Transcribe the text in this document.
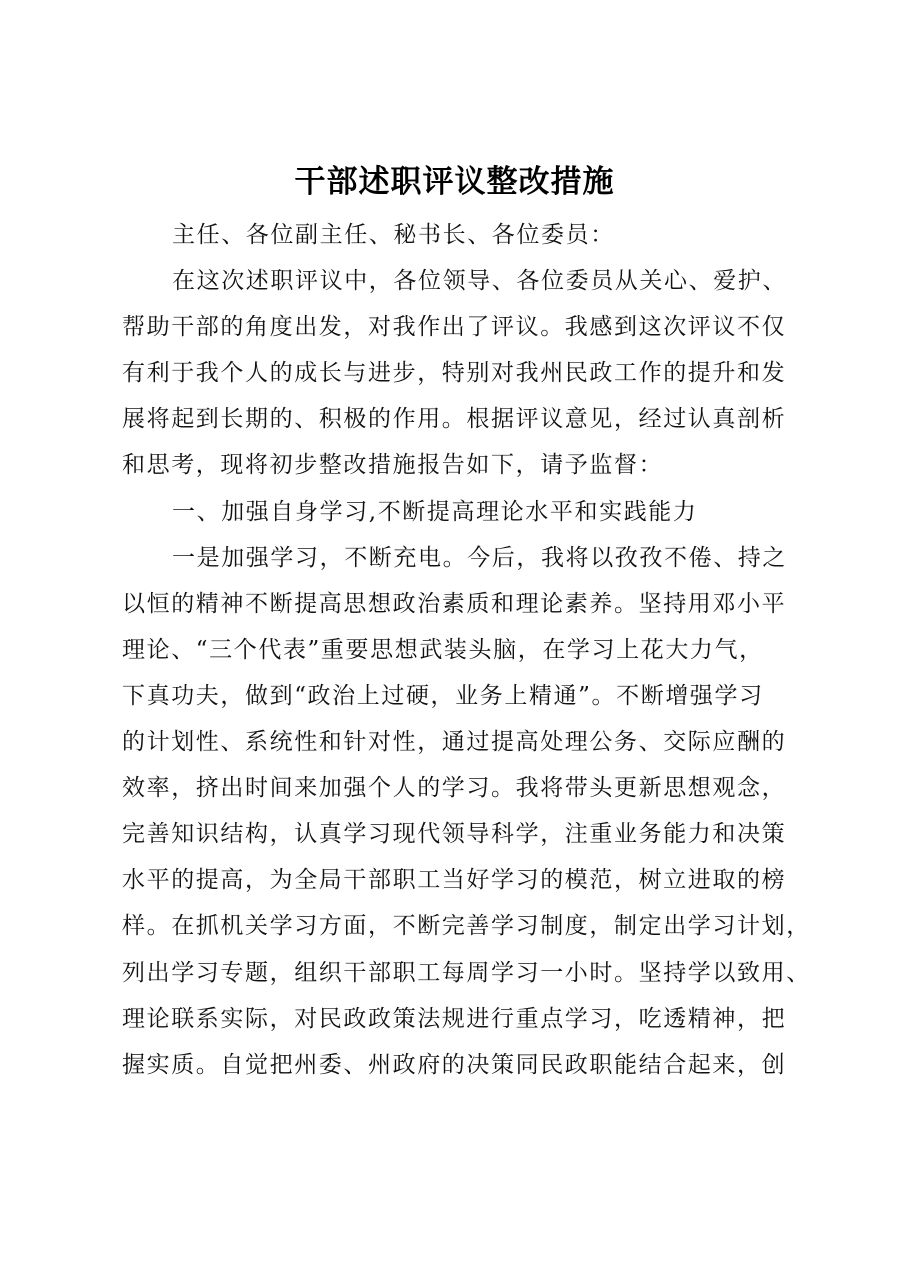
干部述职评议整改措施
主任、各位副主任、秘书长、各位委员：
在这次述职评议中，各位领导、各位委员从关心、爱护、
帮助干部的角度出发，对我作出了评议。我感到这次评议不仅
有利于我个人的成长与进步，特别对我州民政工作的提升和发
展将起到长期的、积极的作用。根据评议意见，经过认真剖析
和思考，现将初步整改措施报告如下，请予监督：
一、加强自身学习,不断提高理论水平和实践能力
一是加强学习，不断充电。今后，我将以孜孜不倦、持之
以恒的精神不断提高思想政治素质和理论素养。坚持用邓小平
理论、“三个代表”重要思想武装头脑，在学习上花大力气，
下真功夫，做到“政治上过硬，业务上精通”。不断增强学习
的计划性、系统性和针对性，通过提高处理公务、交际应酬的
效率，挤出时间来加强个人的学习。我将带头更新思想观念，
完善知识结构，认真学习现代领导科学，注重业务能力和决策
水平的提高，为全局干部职工当好学习的模范，树立进取的榜
样。在抓机关学习方面，不断完善学习制度，制定出学习计划，
列出学习专题，组织干部职工每周学习一小时。坚持学以致用、
理论联系实际，对民政政策法规进行重点学习，吃透精神，把
握实质。自觉把州委、州政府的决策同民政职能结合起来，创
